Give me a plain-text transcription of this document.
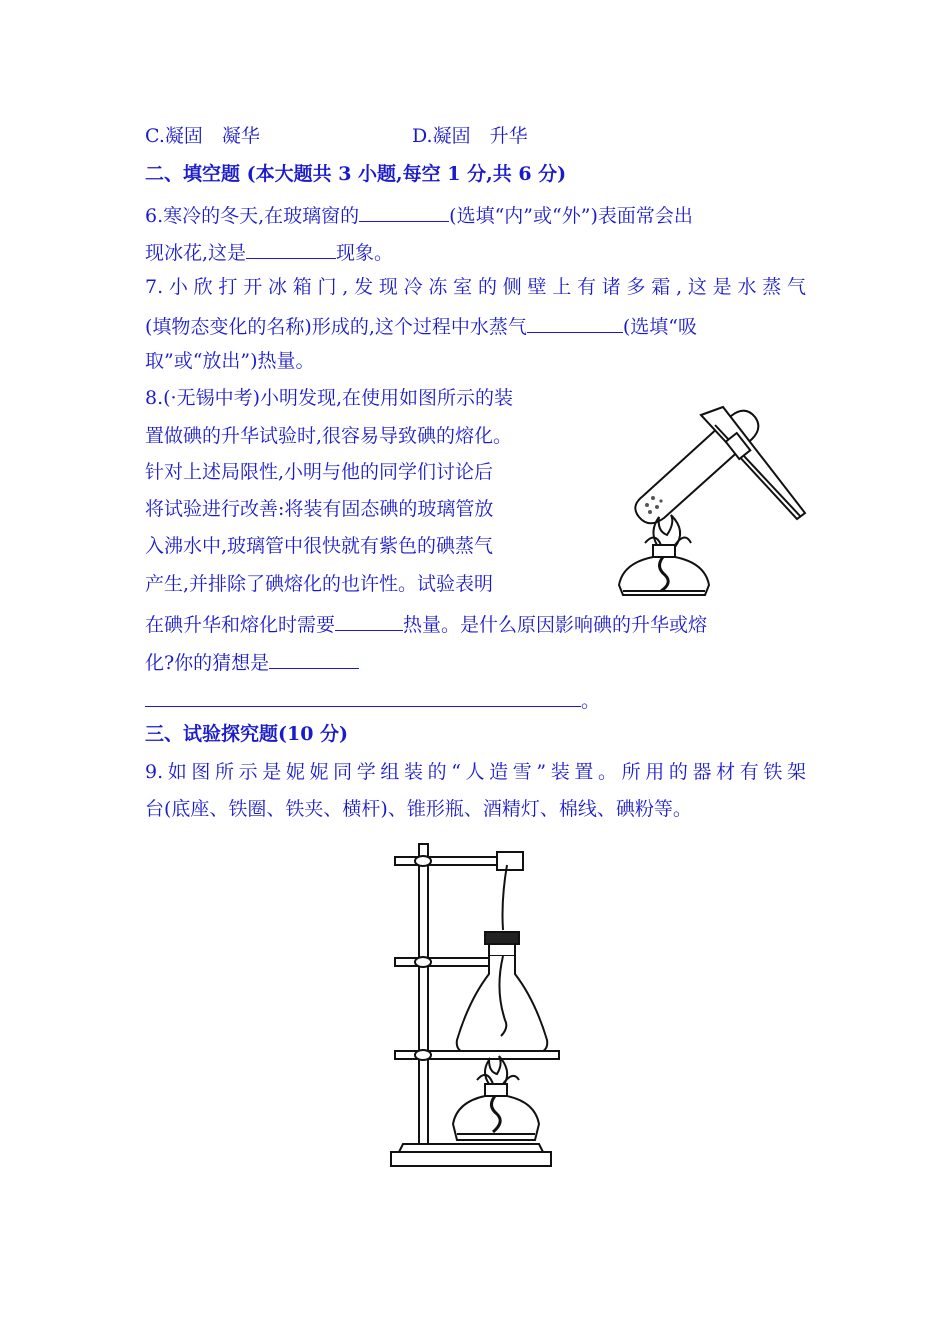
C.凝固　凝华	D.凝固　升华
二、填空题 (本大题共 3 小题,每空 1 分,共 6 分)
6.寒冷的冬天,在玻璃窗的	(选填“内”或“外”)表面常会出
现冰花,这是	现象。
7.小欣打开冰箱门,发现冷冻室的侧壁上有诸多霜,这是水蒸气
(填物态变化的名称)形成的,这个过程中水蒸气	(选填“吸
取”或“放出”)热量。
8.(·无锡中考)小明发现,在使用如图所示的装
置做碘的升华试验时,很容易导致碘的熔化。
针对上述局限性,小明与他的同学们讨论后
将试验进行改善:将装有固态碘的玻璃管放
入沸水中,玻璃管中很快就有紫色的碘蒸气
产生,并排除了碘熔化的也许性。试验表明
在碘升华和熔化时需要	热量。是什么原因影响碘的升华或熔
化?你的猜想是
。
三、试验探究题(10 分)
9.如图所示是妮妮同学组装的“人造雪”装置。所用的器材有铁架
台(底座、铁圈、铁夹、横杆)、锥形瓶、酒精灯、棉线、碘粉等。
